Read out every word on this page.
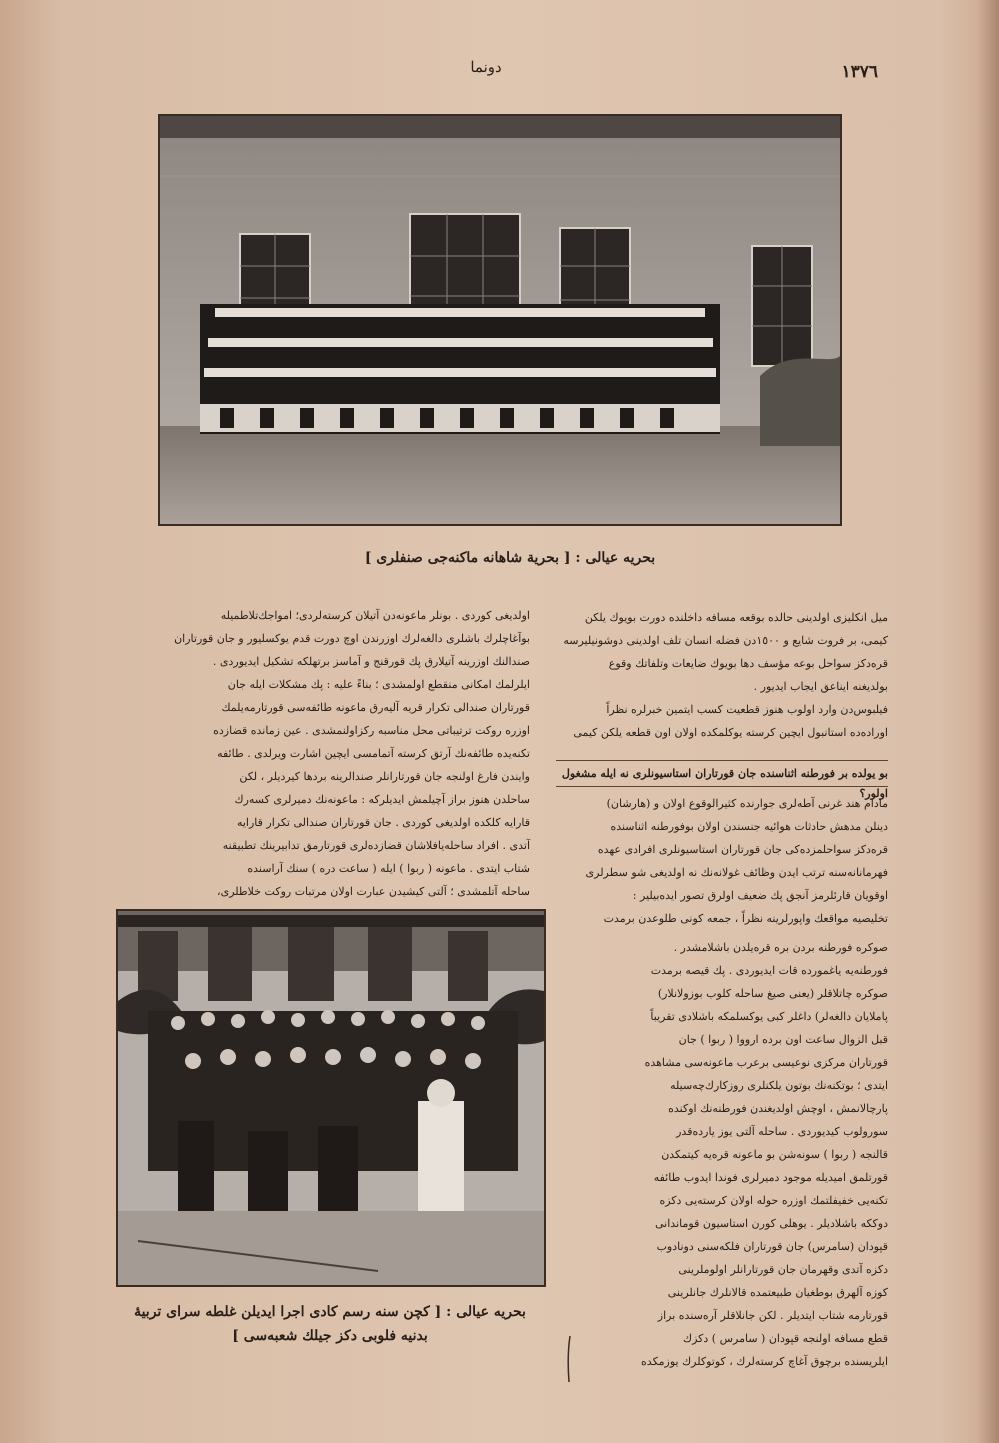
دونما	١٣٧٦
بحريه عيالى : [ بحرية شاهانه ماكنه‌جى صنفلرى ]

اولديغى كوردى . بونلر ماعونه‌دن آتيلان كرسته‌لردى؛ امواجك‌تلاطميله

بوآغاچلرك باشلرى دالغه‌لرك اوزرندن اوچ دورت قدم يوكسليور و جان قورتاران

صندالنك اوزرينه آتيلارق پك قورقنج و آماسز برتهلكه تشكيل ايديوردى .

ايلرلمك امكانى منقطع اولمشدى ؛ بناءً عليه : پك مشكلات ايله جان

قورتاران صندالى تكرار قريه آليه‌رق ماعونه طائفه‌سى قورتارمه‌يلمك

اوزره روكت ترتيباتى محل مناسبه ركزاولنمشدى . عين زمانده قضازده

تكنه‌يده طائفه‌نك آرتق كرسته آتمامسى ايچين اشارت ويرلدى . طائفه

وايندن فارغ اولنجه جان قورتارانلر صندالرينه بردها كيرديلر ، لكن

ساحلدن هنوز براز آچيلمش ايديلركه : ماعونه‌نك دميرلرى كسه‌رك

قارايه كلكده اولديغى كوردى . جان قورتاران صندالى تكرار قارايه

آتدى . افراد ساحله‌يافلاشان قضازده‌لرى قورتارمق تدابيرينك تطبيقنه

شتاب ايتدى . ماعونه ( ربوا ) ايله ( ساعت دره ) سنك آراسنده

ساحله آتلمشدى ؛ آلتى كيشيدن عبارت اولان مرتبات روكت خلاطلرى،

ميل انكليزى اولدينى حالده بوقعه مسافه داخلنده دورت بويوك يلكن

كيمى، بر فروت شايع و ١٥٠٠دن فضله انسان تلف اولدينى دوشونيليرسه

قره‌دكز سواحل بوعه مؤسف دها بويوك ضايعات وتلفاتك وقوع

بولديغنه ايناعق ايجاب ايديور .

فيلبوس‌دن وارد اولوب هنوز قطعيت كسب ايتمين خبرلره نظراً

اوراده‌ده استانبول ايچين كرسته يوكلمكده اولان اون قطعه يلكن كيمى

بو يولده بر فورطنه اثناسنده جان قورتاران استاسيونلرى نه ايله مشغول اولور؟

مادام هند غرنى آطه‌لرى جوارنده كثيرالوقوع اولان و (هارشان)

دينلن مدهش حادثات هوائيه جنسندن اولان بوفورطنه اثناسنده

قره‌دكز سواحلمزده‌كى جان قورتاران استاسيونلرى افرادى عهده

فهرمانانه‌سنه ترتب ايدن وظائف غولانه‌نك نه اولديغى شو سطرلرى

اوقويان قارئلرمز آنجق پك ضعيف اولرق تصور ايده‌بيلير :

تخليصيه مواقعك واپورلرينه نظراً ، جمعه كونى طلوعدن برمدت

صوكره فورطنه بردن بره قره‌يلدن باشلامشدر .

فورطنه‌يه ياغمورده قات ايديوردى . پك قيصه برمدت

صوكره چاتلاقلر (يعنى صيغ ساحله كلوب بوزولانلار)

پاملايان دالغه‌لر) داغلر كبى يوكسلمكه باشلادى تقريباً

قبل الزوال ساعت اون برده ارووا ( ربوا ) جان

قورتاران مركزى نوعيسى برعرب ماعونه‌سى مشاهده

ايتدى ؛ بوتكنه‌نك بوتون يلكنلرى روزكارك‌چه‌سيله

پارچالانمش ، اوچش اولديغندن فورطنه‌نك اوكنده

سورولوب كيديوردى . ساحله آلتى يوز يارده‌قدر

قالنجه ( ربوا ) سونه‌شن بو ماعونه قره‌يه كيتمكدن

قورتلمق اميديله موجود دميرلرى فوندا ايدوب طائفه

تكنه‌يى خفيفلتمك اوزره حوله اولان كرسته‌يى دكزه

دوككه باشلاديلر . يوهلى كورن استاسيون قوماندانى

قپودان (سامرس) جان قورتاران فلكه‌سنى دونادوب

دكزه آتدى وقهرمان جان قورتارانلر اولوملرينى

كوزه آلهرق بوطغيان طبيعتمده قالانلرك جانلرينى

قورتارمه شتاب ايتديلر . لكن جانلاقلر آره‌سنده براز

قطع مسافه اولنجه قپودان ( سامرس ) دكزك

ايلريسنده برچوق آغاچ كرسته‌لرك ، كوتوكلرك يوزمكده

بحريه عيالى : [ كچن سنه رسم كادى اجرا ايديلن غلطه سراى تربيهٔ بدنيه فلوبى دكز جيلك شعبه‌سى ]
